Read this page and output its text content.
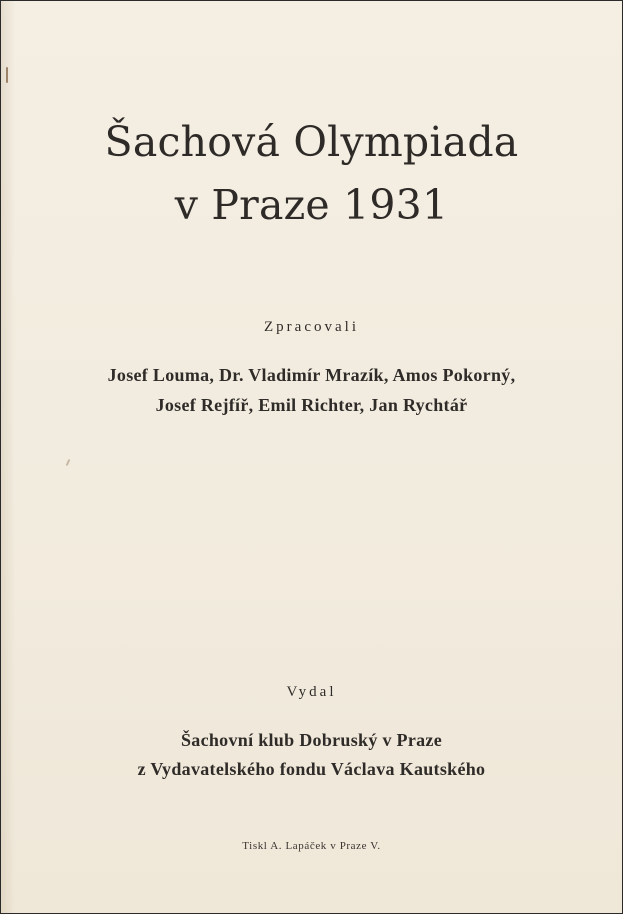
Šachová Olympiada
v Praze 1931
Zpracovali
Josef Louma, Dr. Vladimír Mrazík, Amos Pokorný,
Josef Rejfíř, Emil Richter, Jan Rychtář
Vydal
Šachovní klub Dobruský v Praze
z Vydavatelského fondu Václava Kautského
Tiskl A. Lapáček v Praze V.
